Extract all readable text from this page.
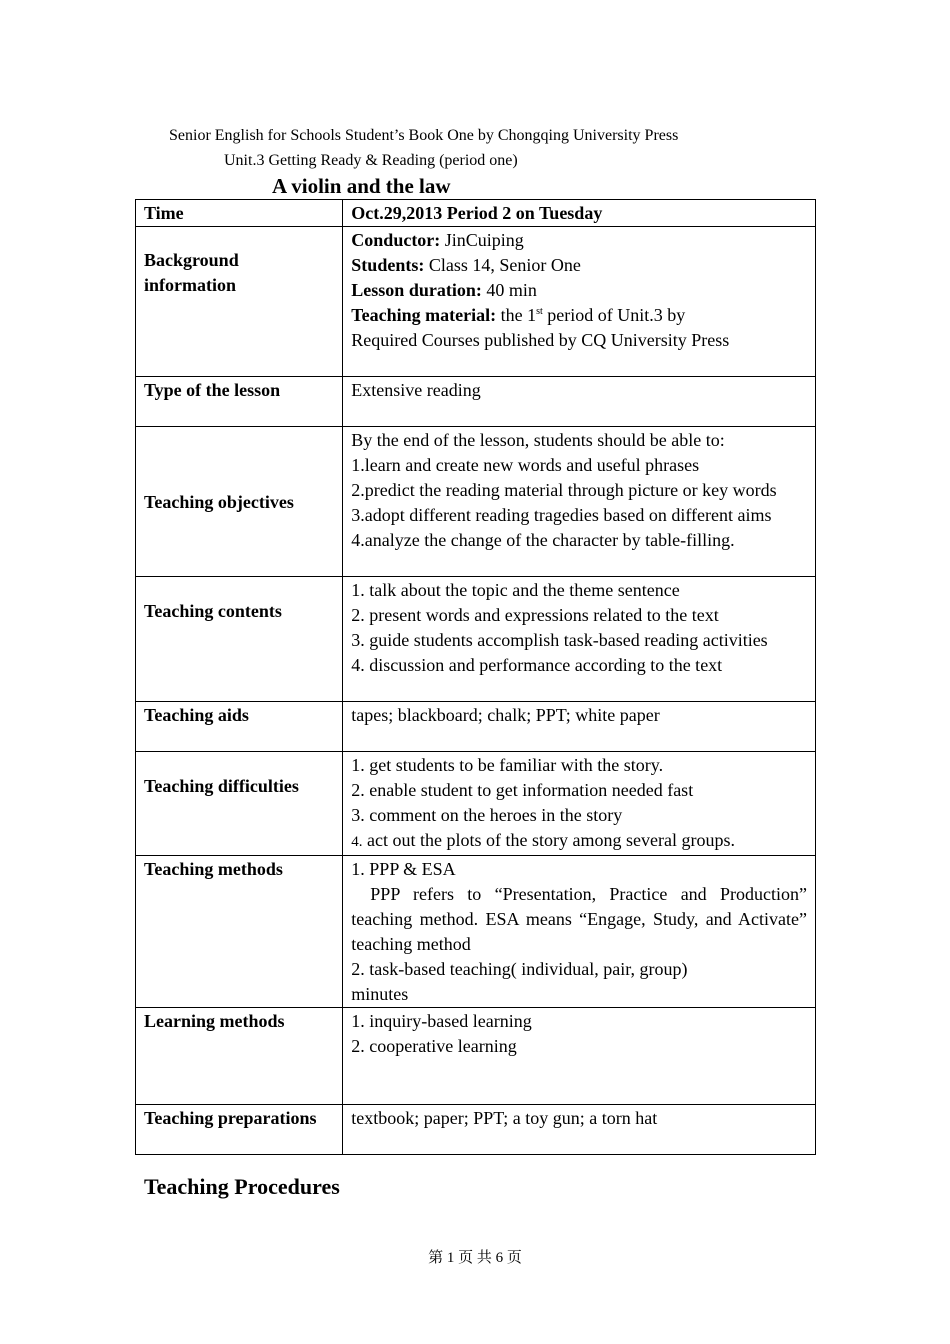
Senior English for Schools Student’s Book One by Chongqing University Press
Unit.3 Getting Ready & Reading (period one)
A violin and the law
Time	Oct.29,2013 Period 2 on Tuesday

Background
information	Conductor: JinCuiping
Students: Class 14, Senior One
Lesson duration: 40 min
Teaching material: the 1st period of Unit.3 by
Required Courses published by CQ University Press

Type of the lesson	Extensive reading
Teaching objectives	By the end of the lesson, students should be able to:
1.learn and create new words and useful phrases
2.predict the reading material through picture or key words
3.adopt different reading tragedies based on different aims
4.analyze the change of the character by table-filling.

Teaching contents	1. talk about the topic and the theme sentence
2. present words and expressions related to the text
3. guide students accomplish task-based reading activities
4. discussion and performance according to the text

Teaching aids	tapes; blackboard; chalk; PPT; white paper
Teaching difficulties	1. get students to be familiar with the story.
2. enable student to get information needed fast
3. comment on the heroes in the story
4. act out the plots of the story among several groups.

Teaching methods	1. PPP & ESA
PPP refers to “Presentation, Practice and Production” teaching method. ESA means “Engage, Study, and Activate” teaching method
2. task-based teaching( individual, pair, group)
minutes

Learning methods	1. inquiry-based learning
2. cooperative learning

Teaching preparations	textbook; paper; PPT; a toy gun; a torn hat
Teaching Procedures
第 1 页 共 6 页
